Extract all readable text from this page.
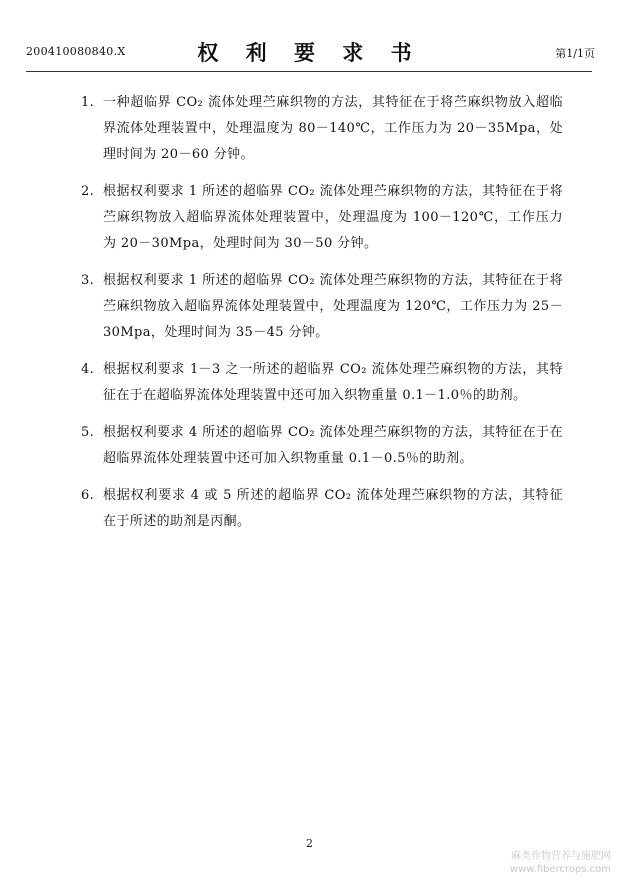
200410080840.X	权 利 要 求 书	第1/1页
1. 一种超临界 CO₂ 流体处理苎麻织物的方法，其特征在于将苎麻织物放入超临界流体处理装置中，处理温度为 80－140℃，工作压力为 20－35Mpa，处理时间为 20－60 分钟。
2. 根据权利要求 1 所述的超临界 CO₂ 流体处理苎麻织物的方法，其特征在于将苎麻织物放入超临界流体处理装置中，处理温度为 100－120℃，工作压力为 20－30Mpa，处理时间为 30－50 分钟。
3. 根据权利要求 1 所述的超临界 CO₂ 流体处理苎麻织物的方法，其特征在于将苎麻织物放入超临界流体处理装置中，处理温度为 120℃，工作压力为 25－30Mpa，处理时间为 35－45 分钟。
4. 根据权利要求 1－3 之一所述的超临界 CO₂ 流体处理苎麻织物的方法，其特征在于在超临界流体处理装置中还可加入织物重量 0.1－1.0％的助剂。
5. 根据权利要求 4 所述的超临界 CO₂ 流体处理苎麻织物的方法，其特征在于在超临界流体处理装置中还可加入织物重量 0.1－0.5％的助剂。
6. 根据权利要求 4 或 5 所述的超临界 CO₂ 流体处理苎麻织物的方法，其特征在于所述的助剂是丙酮。
2
麻类作物营养与施肥网
www.fibercrops.com
